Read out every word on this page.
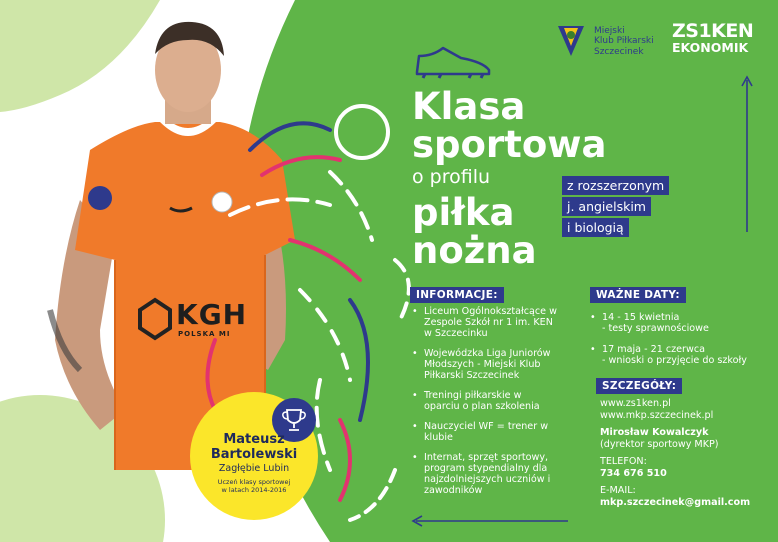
KGH
POLSKA MI
Miejski
Klub Piłkarski
Szczecinek
ZS1KEN
EKONOMIK
Klasa
sportowa
o profilu
piłka
nożna
z rozszerzonym
j. angielskim
i biologią
INFORMACJE:
• Liceum Ogólnokształcące w Zespole Szkół nr 1 im. KEN w Szczecinku
• Wojewódzka Liga Juniorów Młodszych - Miejski Klub Piłkarski Szczecinek
• Treningi piłkarskie w oparciu o plan szkolenia
• Nauczyciel WF = trener w klubie
• Internat, sprzęt sportowy, program stypendialny dla najzdolniejszych uczniów i zawodników
WAŻNE DATY:
• 14 - 15 kwietnia
- testy sprawnościowe
• 17 maja - 21 czerwca
- wnioski o przyjęcie do szkoły
SZCZEGÓŁY:
www.zs1ken.pl
www.mkp.szczecinek.pl
Mirosław Kowalczyk
(dyrektor sportowy MKP)
TELEFON:
734 676 510
E-MAIL:
mkp.szczecinek@gmail.com
Mateusz
Bartolewski
Zagłębie Lubin
Uczeń klasy sportowej
w latach 2014-2016
